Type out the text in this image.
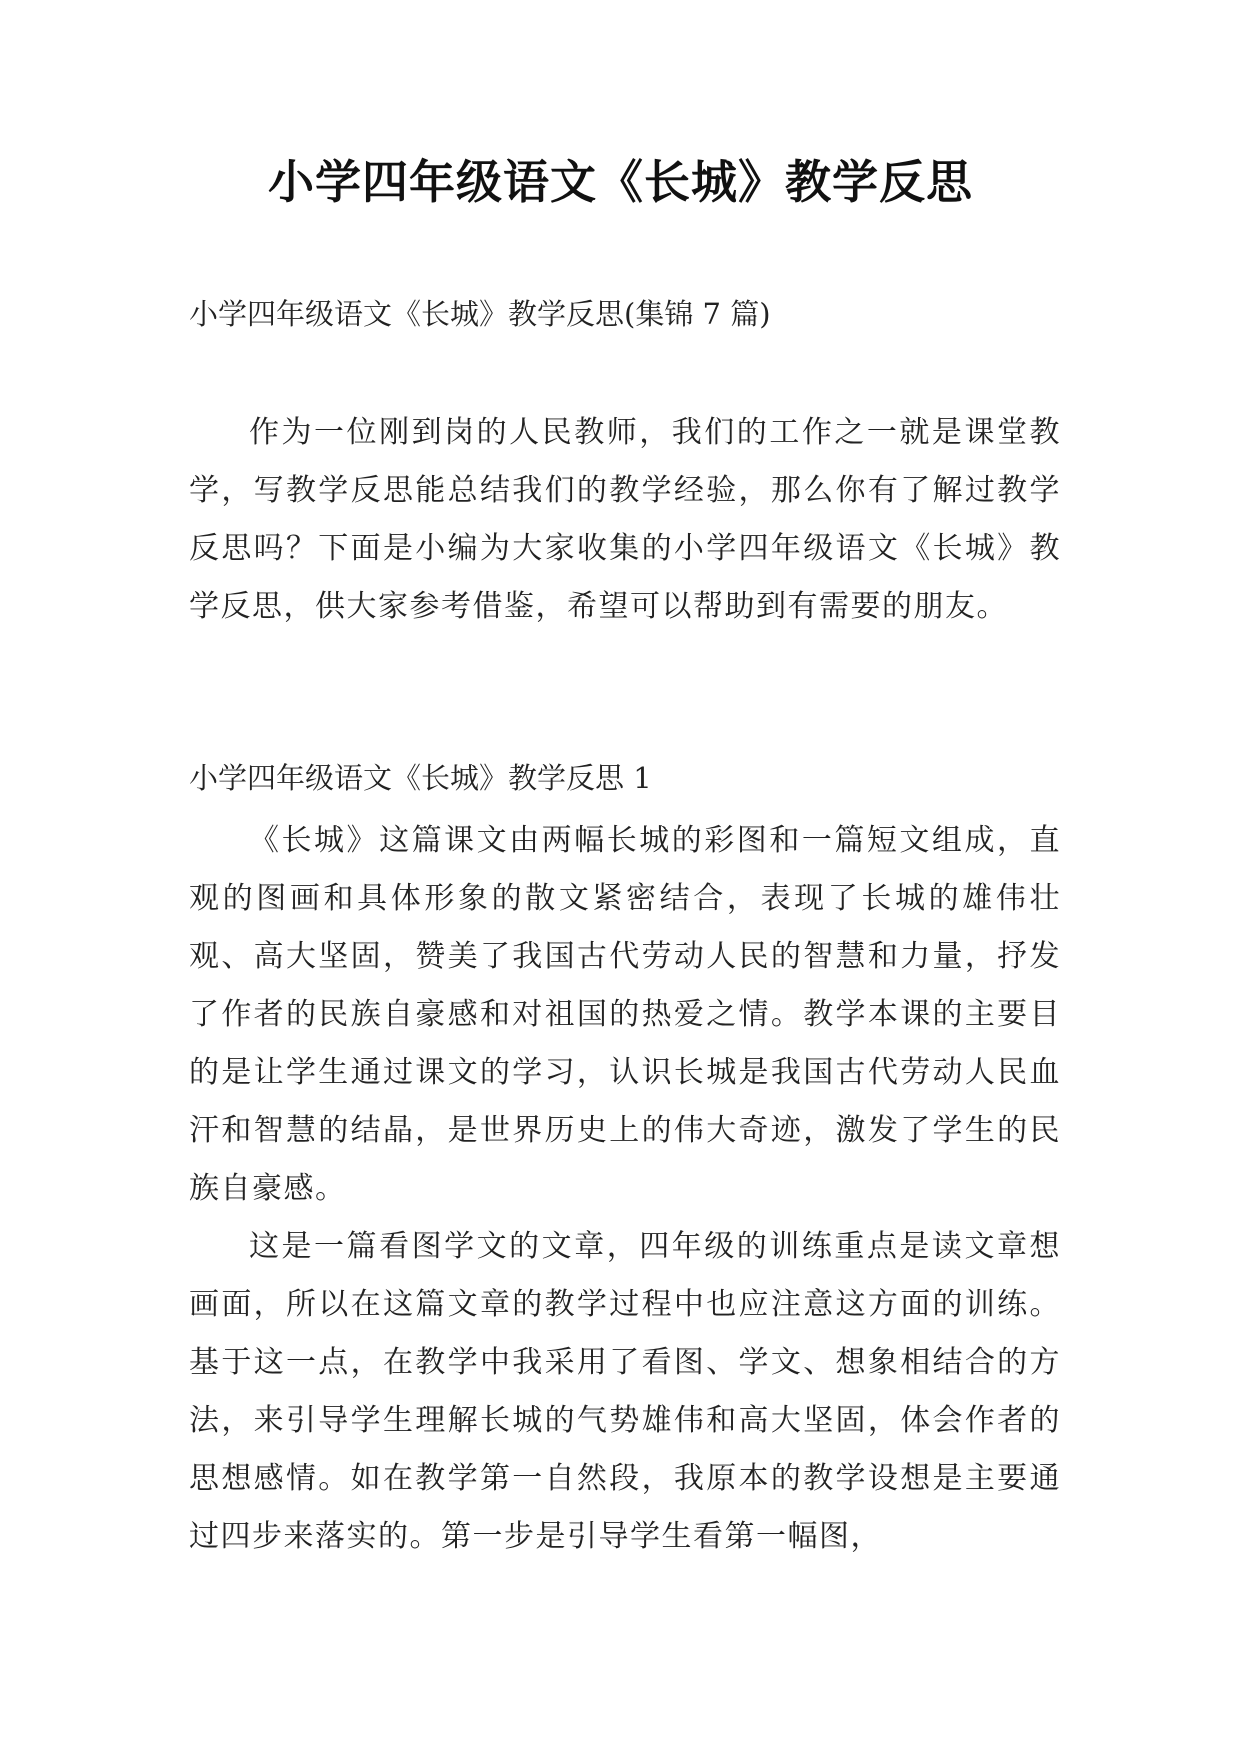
小学四年级语文《长城》教学反思
小学四年级语文《长城》教学反思(集锦 7 篇)

作为一位刚到岗的人民教师，我们的工作之一就是课堂教学，写教学反思能总结我们的教学经验，那么你有了解过教学反思吗？下面是小编为大家收集的小学四年级语文《长城》教学反思，供大家参考借鉴，希望可以帮助到有需要的朋友。

小学四年级语文《长城》教学反思 1

《长城》这篇课文由两幅长城的彩图和一篇短文组成，直观的图画和具体形象的散文紧密结合，表现了长城的雄伟壮观、高大坚固，赞美了我国古代劳动人民的智慧和力量，抒发了作者的民族自豪感和对祖国的热爱之情。教学本课的主要目的是让学生通过课文的学习，认识长城是我国古代劳动人民血汗和智慧的结晶，是世界历史上的伟大奇迹，激发了学生的民族自豪感。

这是一篇看图学文的文章，四年级的训练重点是读文章想画面，所以在这篇文章的教学过程中也应注意这方面的训练。基于这一点，在教学中我采用了看图、学文、想象相结合的方法，来引导学生理解长城的气势雄伟和高大坚固，体会作者的思想感情。如在教学第一自然段，我原本的教学设想是主要通过四步来落实的。第一步是引导学生看第一幅图，
